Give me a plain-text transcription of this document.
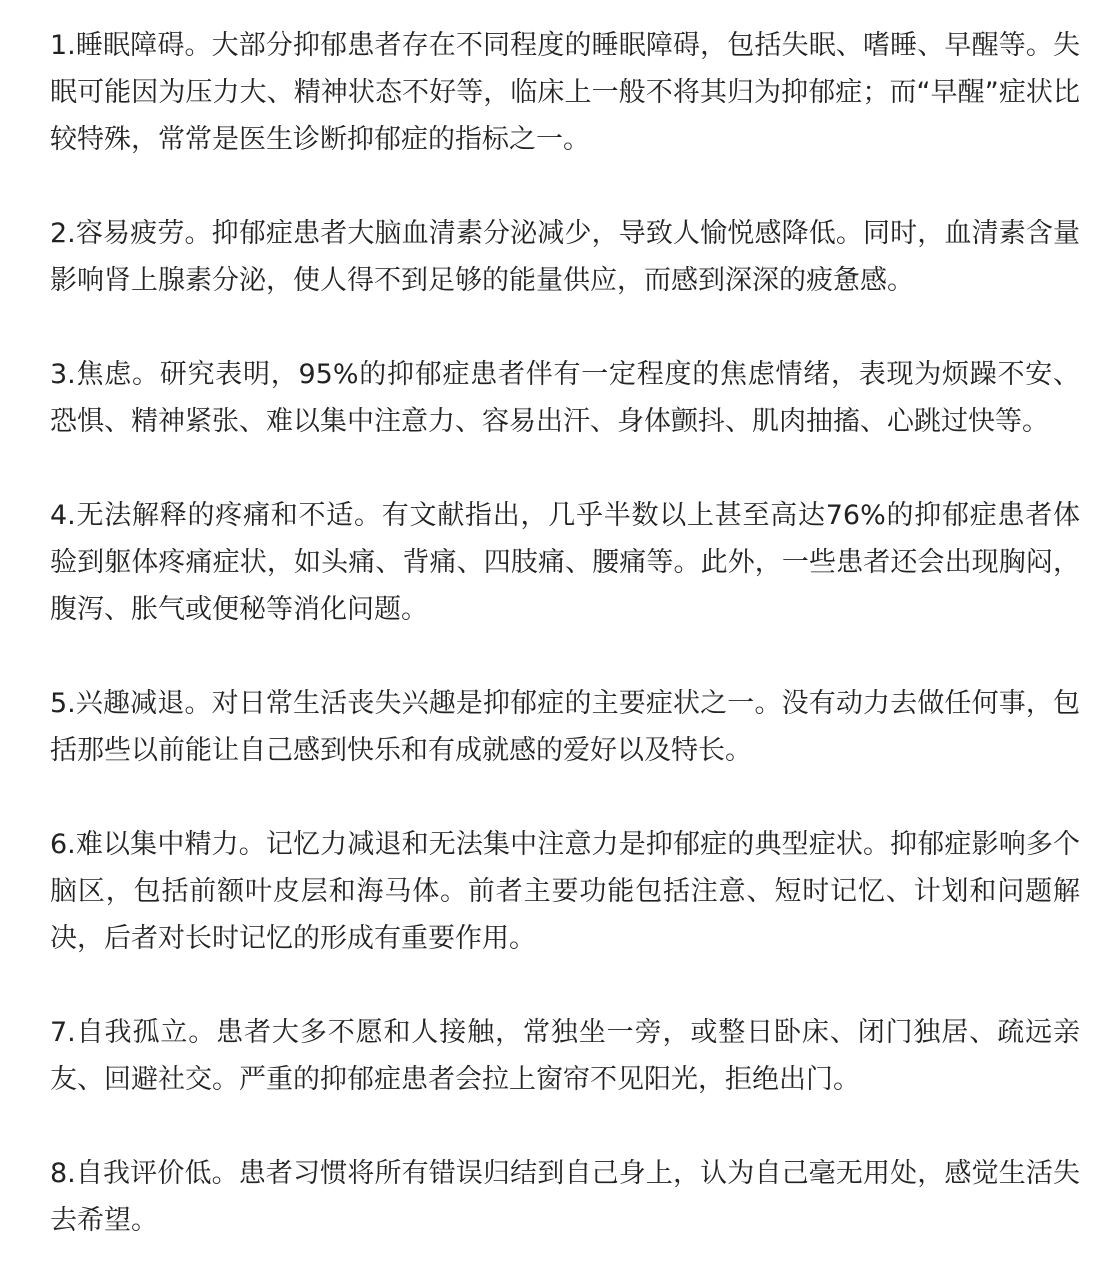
1.睡眠障碍。大部分抑郁患者存在不同程度的睡眠障碍，包括失眠、嗜睡、早醒等。失眠可能因为压力大、精神状态不好等，临床上一般不将其归为抑郁症；而“早醒”症状比较特殊，常常是医生诊断抑郁症的指标之一。

2.容易疲劳。抑郁症患者大脑血清素分泌减少，导致人愉悦感降低。同时，血清素含量影响肾上腺素分泌，使人得不到足够的能量供应，而感到深深的疲惫感。

3.焦虑。研究表明，95%的抑郁症患者伴有一定程度的焦虑情绪，表现为烦躁不安、恐惧、精神紧张、难以集中注意力、容易出汗、身体颤抖、肌肉抽搐、心跳过快等。

4.无法解释的疼痛和不适。有文献指出，几乎半数以上甚至高达76%的抑郁症患者体验到躯体疼痛症状，如头痛、背痛、四肢痛、腰痛等。此外，一些患者还会出现胸闷，腹泻、胀气或便秘等消化问题。

5.兴趣减退。对日常生活丧失兴趣是抑郁症的主要症状之一。没有动力去做任何事，包括那些以前能让自己感到快乐和有成就感的爱好以及特长。

6.难以集中精力。记忆力减退和无法集中注意力是抑郁症的典型症状。抑郁症影响多个脑区，包括前额叶皮层和海马体。前者主要功能包括注意、短时记忆、计划和问题解决，后者对长时记忆的形成有重要作用。

7.自我孤立。患者大多不愿和人接触，常独坐一旁，或整日卧床、闭门独居、疏远亲友、回避社交。严重的抑郁症患者会拉上窗帘不见阳光，拒绝出门。

8.自我评价低。患者习惯将所有错误归结到自己身上，认为自己毫无用处，感觉生活失去希望。
